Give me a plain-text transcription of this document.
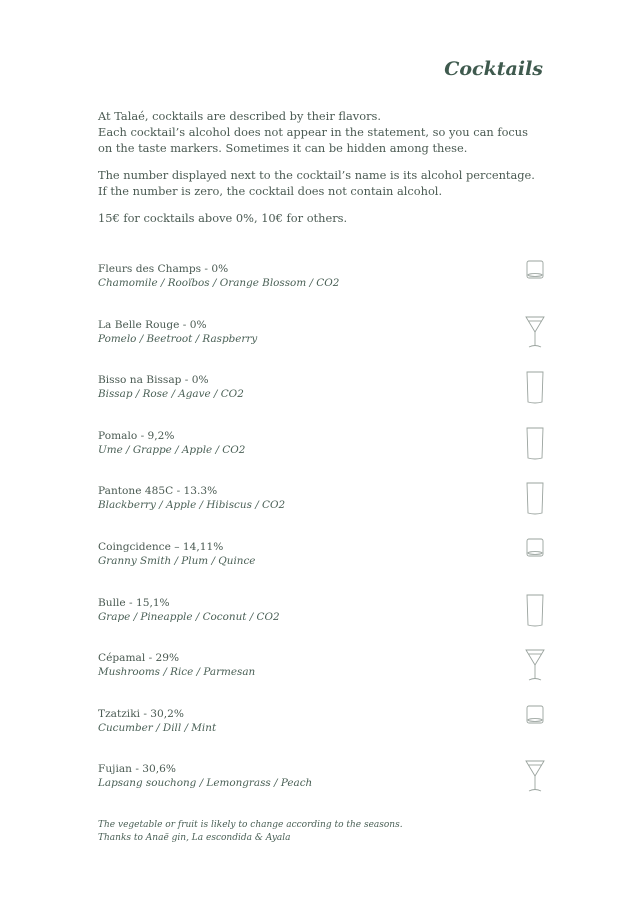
Cocktails

At Talaé, cocktails are described by their flavors.
Each cocktail’s alcohol does not appear in the statement, so you can focus on the taste markers. Sometimes it can be hidden among these.

The number displayed next to the cocktail’s name is its alcohol percentage. If the number is zero, the cocktail does not contain alcohol.

15€ for cocktails above 0%, 10€ for others.

Fleurs des Champs - 0%
Chamomile / Rooïbos / Orange Blossom / CO2
La Belle Rouge - 0%
Pomelo / Beetroot / Raspberry
Bisso na Bissap - 0%
Bissap / Rose / Agave / CO2
Pomalo - 9,2%
Ume / Grappe / Apple / CO2
Pantone 485C - 13.3%
Blackberry / Apple / Hibiscus / CO2
Coingcidence – 14,11%
Granny Smith / Plum / Quince
Bulle - 15,1%
Grape / Pineapple / Coconut / CO2
Cépamal - 29%
Mushrooms / Rice / Parmesan
Tzatziki - 30,2%
Cucumber / Dill / Mint
Fujian - 30,6%
Lapsang souchong / Lemongrass / Peach
The vegetable or fruit is likely to change according to the seasons.
Thanks to Anaë gin, La escondida & Ayala
